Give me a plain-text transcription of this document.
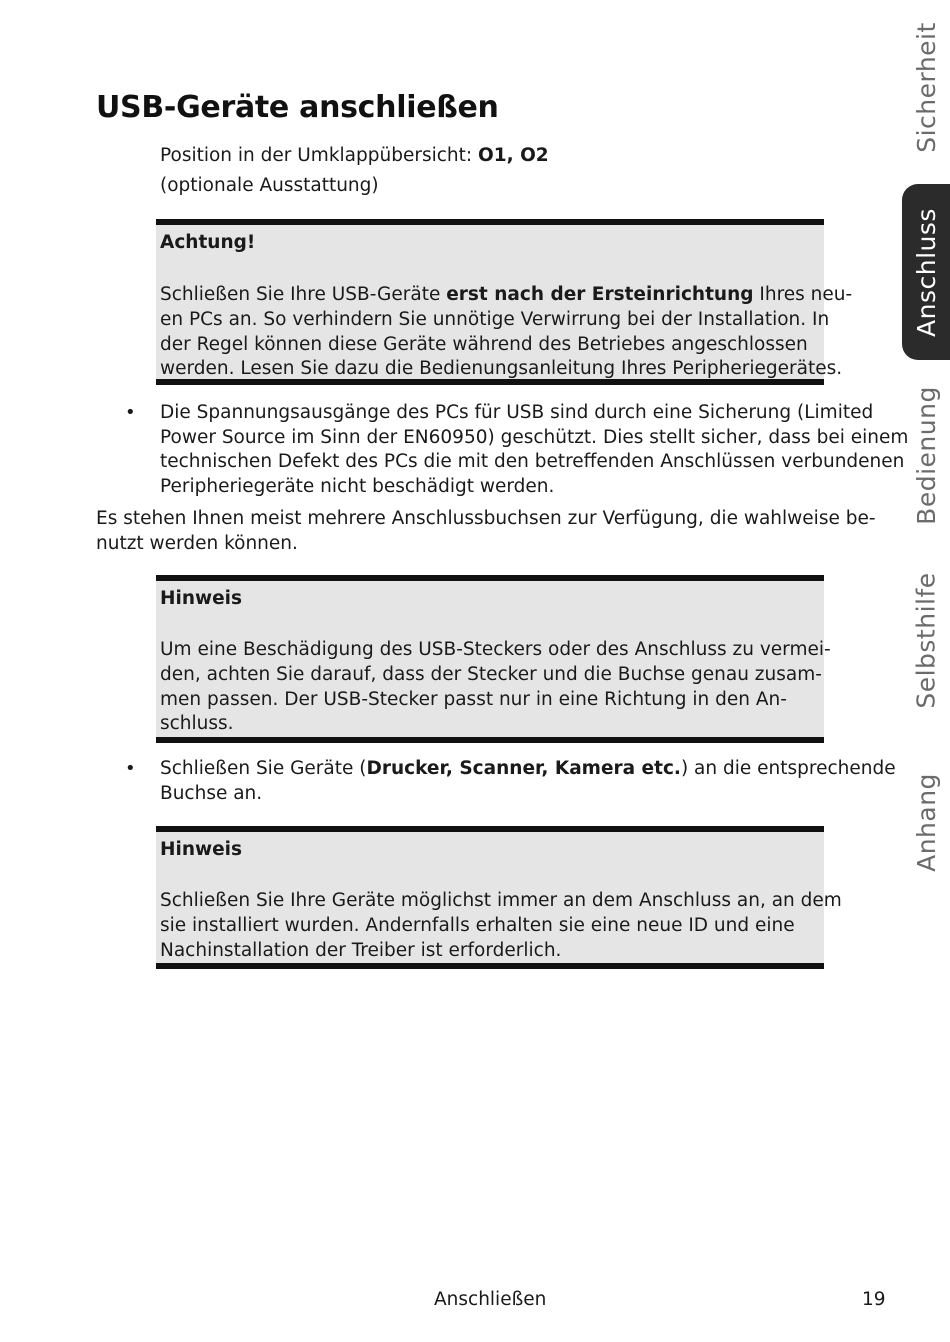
USB-Geräte anschließen
Position in der Umklappübersicht: O1, O2
(optionale Ausstattung)
Achtung!
Schließen Sie Ihre USB-Geräte erst nach der Ersteinrichtung Ihres neu-
en PCs an. So verhindern Sie unnötige Verwirrung bei der Installation. In
der Regel können diese Geräte während des Betriebes angeschlossen
werden. Lesen Sie dazu die Bedienungsanleitung Ihres Peripheriegerätes.
• Die Spannungsausgänge des PCs für USB sind durch eine Sicherung (Limited
Power Source im Sinn der EN60950) geschützt. Dies stellt sicher, dass bei einem
technischen Defekt des PCs die mit den betreffenden Anschlüssen verbundenen
Peripheriegeräte nicht beschädigt werden.
Es stehen Ihnen meist mehrere Anschlussbuchsen zur Verfügung, die wahlweise be-
nutzt werden können.
Hinweis
Um eine Beschädigung des USB-Steckers oder des Anschluss zu vermei-
den, achten Sie darauf, dass der Stecker und die Buchse genau zusam-
men passen. Der USB-Stecker passt nur in eine Richtung in den An-
schluss.
• Schließen Sie Geräte (Drucker, Scanner, Kamera etc.) an die entsprechende
Buchse an.
Hinweis
Schließen Sie Ihre Geräte möglichst immer an dem Anschluss an, an dem
sie installiert wurden. Andernfalls erhalten sie eine neue ID und eine
Nachinstallation der Treiber ist erforderlich.
Sicherheit
Anschluss
Bedienung
Selbsthilfe
Anhang
Anschließen	19
